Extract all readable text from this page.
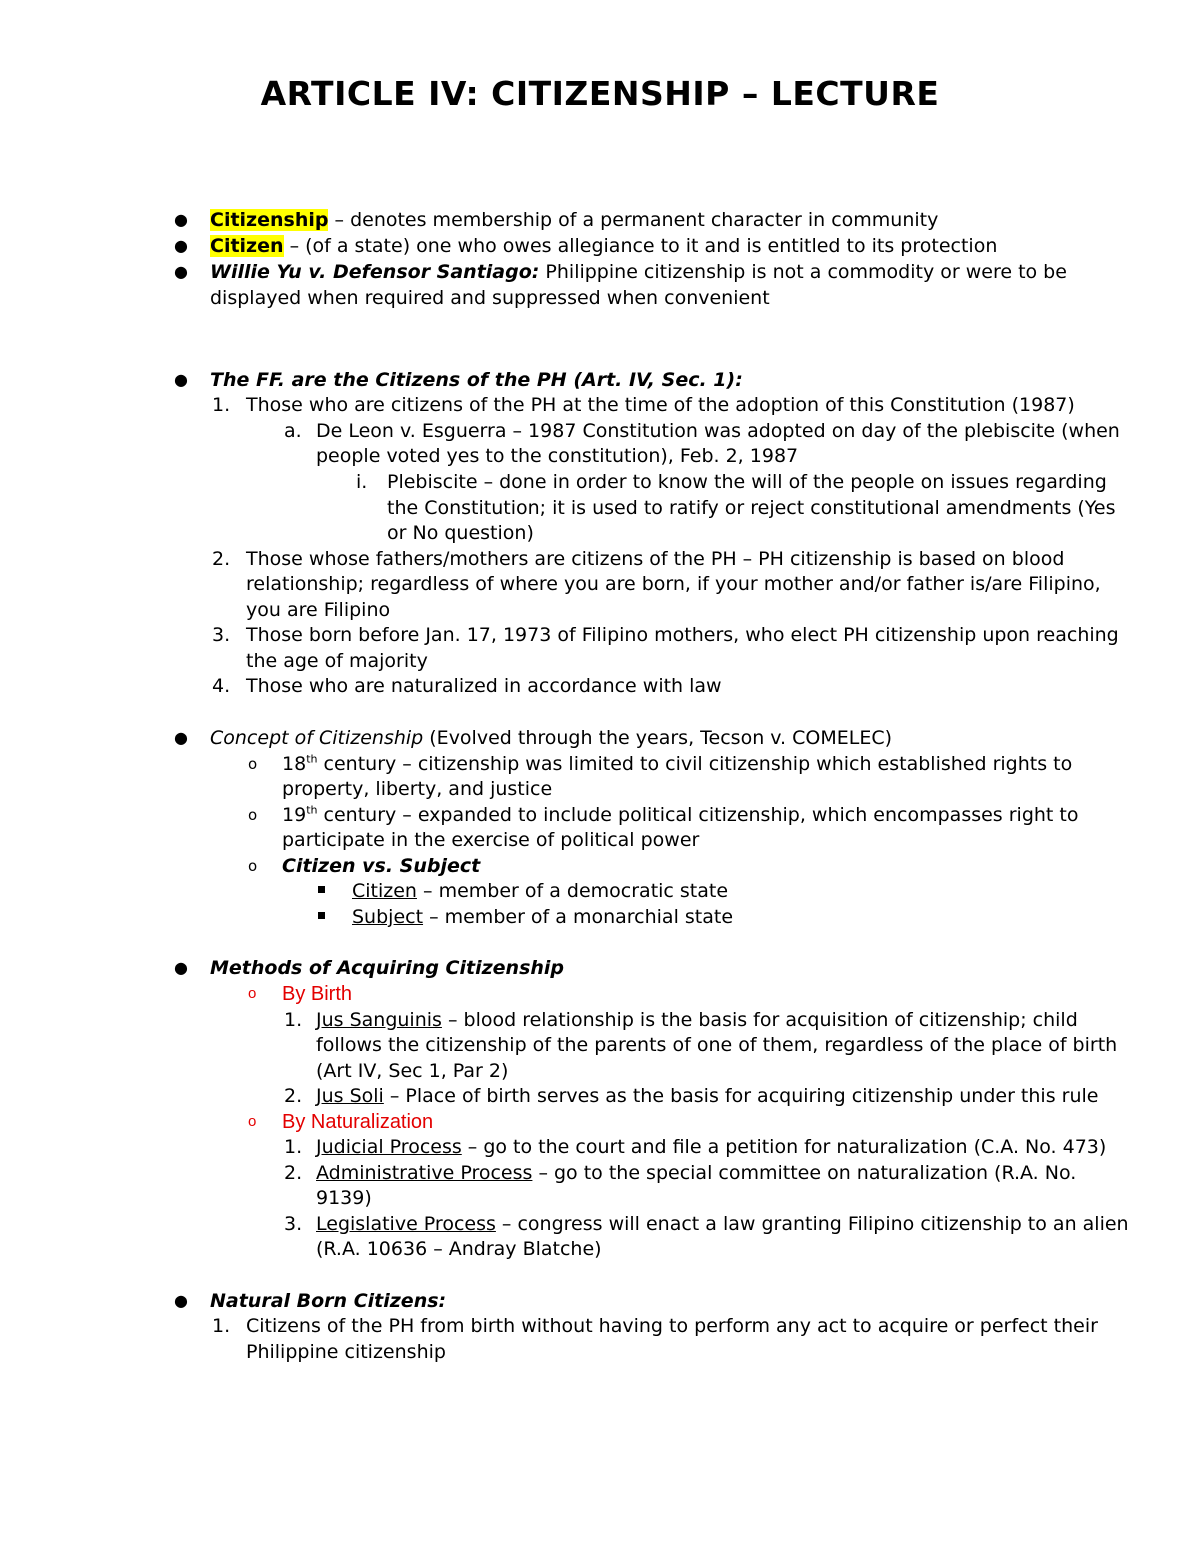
ARTICLE IV: CITIZENSHIP – LECTURE
● Citizenship – denotes membership of a permanent character in community
● Citizen – (of a state) one who owes allegiance to it and is entitled to its protection
● Willie Yu v. Defensor Santiago: Philippine citizenship is not a commodity or were to be
displayed when required and suppressed when convenient
● The FF. are the Citizens of the PH (Art. IV, Sec. 1):
1. Those who are citizens of the PH at the time of the adoption of this Constitution (1987)
a. De Leon v. Esguerra – 1987 Constitution was adopted on day of the plebiscite (when
people voted yes to the constitution), Feb. 2, 1987
i. Plebiscite – done in order to know the will of the people on issues regarding
the Constitution; it is used to ratify or reject constitutional amendments (Yes
or No question)
2. Those whose fathers/mothers are citizens of the PH – PH citizenship is based on blood
relationship; regardless of where you are born, if your mother and/or father is/are Filipino,
you are Filipino
3. Those born before Jan. 17, 1973 of Filipino mothers, who elect PH citizenship upon reaching
the age of majority
4. Those who are naturalized in accordance with law
● Concept of Citizenship (Evolved through the years, Tecson v. COMELEC)
o 18th century – citizenship was limited to civil citizenship which established rights to
property, liberty, and justice
o 19th century – expanded to include political citizenship, which encompasses right to
participate in the exercise of political power
o Citizen vs. Subject
Citizen – member of a democratic state
Subject – member of a monarchial state
● Methods of Acquiring Citizenship
o By Birth
1. Jus Sanguinis – blood relationship is the basis for acquisition of citizenship; child
follows the citizenship of the parents of one of them, regardless of the place of birth
(Art IV, Sec 1, Par 2)
2. Jus Soli – Place of birth serves as the basis for acquiring citizenship under this rule
o By Naturalization
1. Judicial Process – go to the court and file a petition for naturalization (C.A. No. 473)
2. Administrative Process – go to the special committee on naturalization (R.A. No.
9139)
3. Legislative Process – congress will enact a law granting Filipino citizenship to an alien
(R.A. 10636 – Andray Blatche)
● Natural Born Citizens:
1. Citizens of the PH from birth without having to perform any act to acquire or perfect their
Philippine citizenship
